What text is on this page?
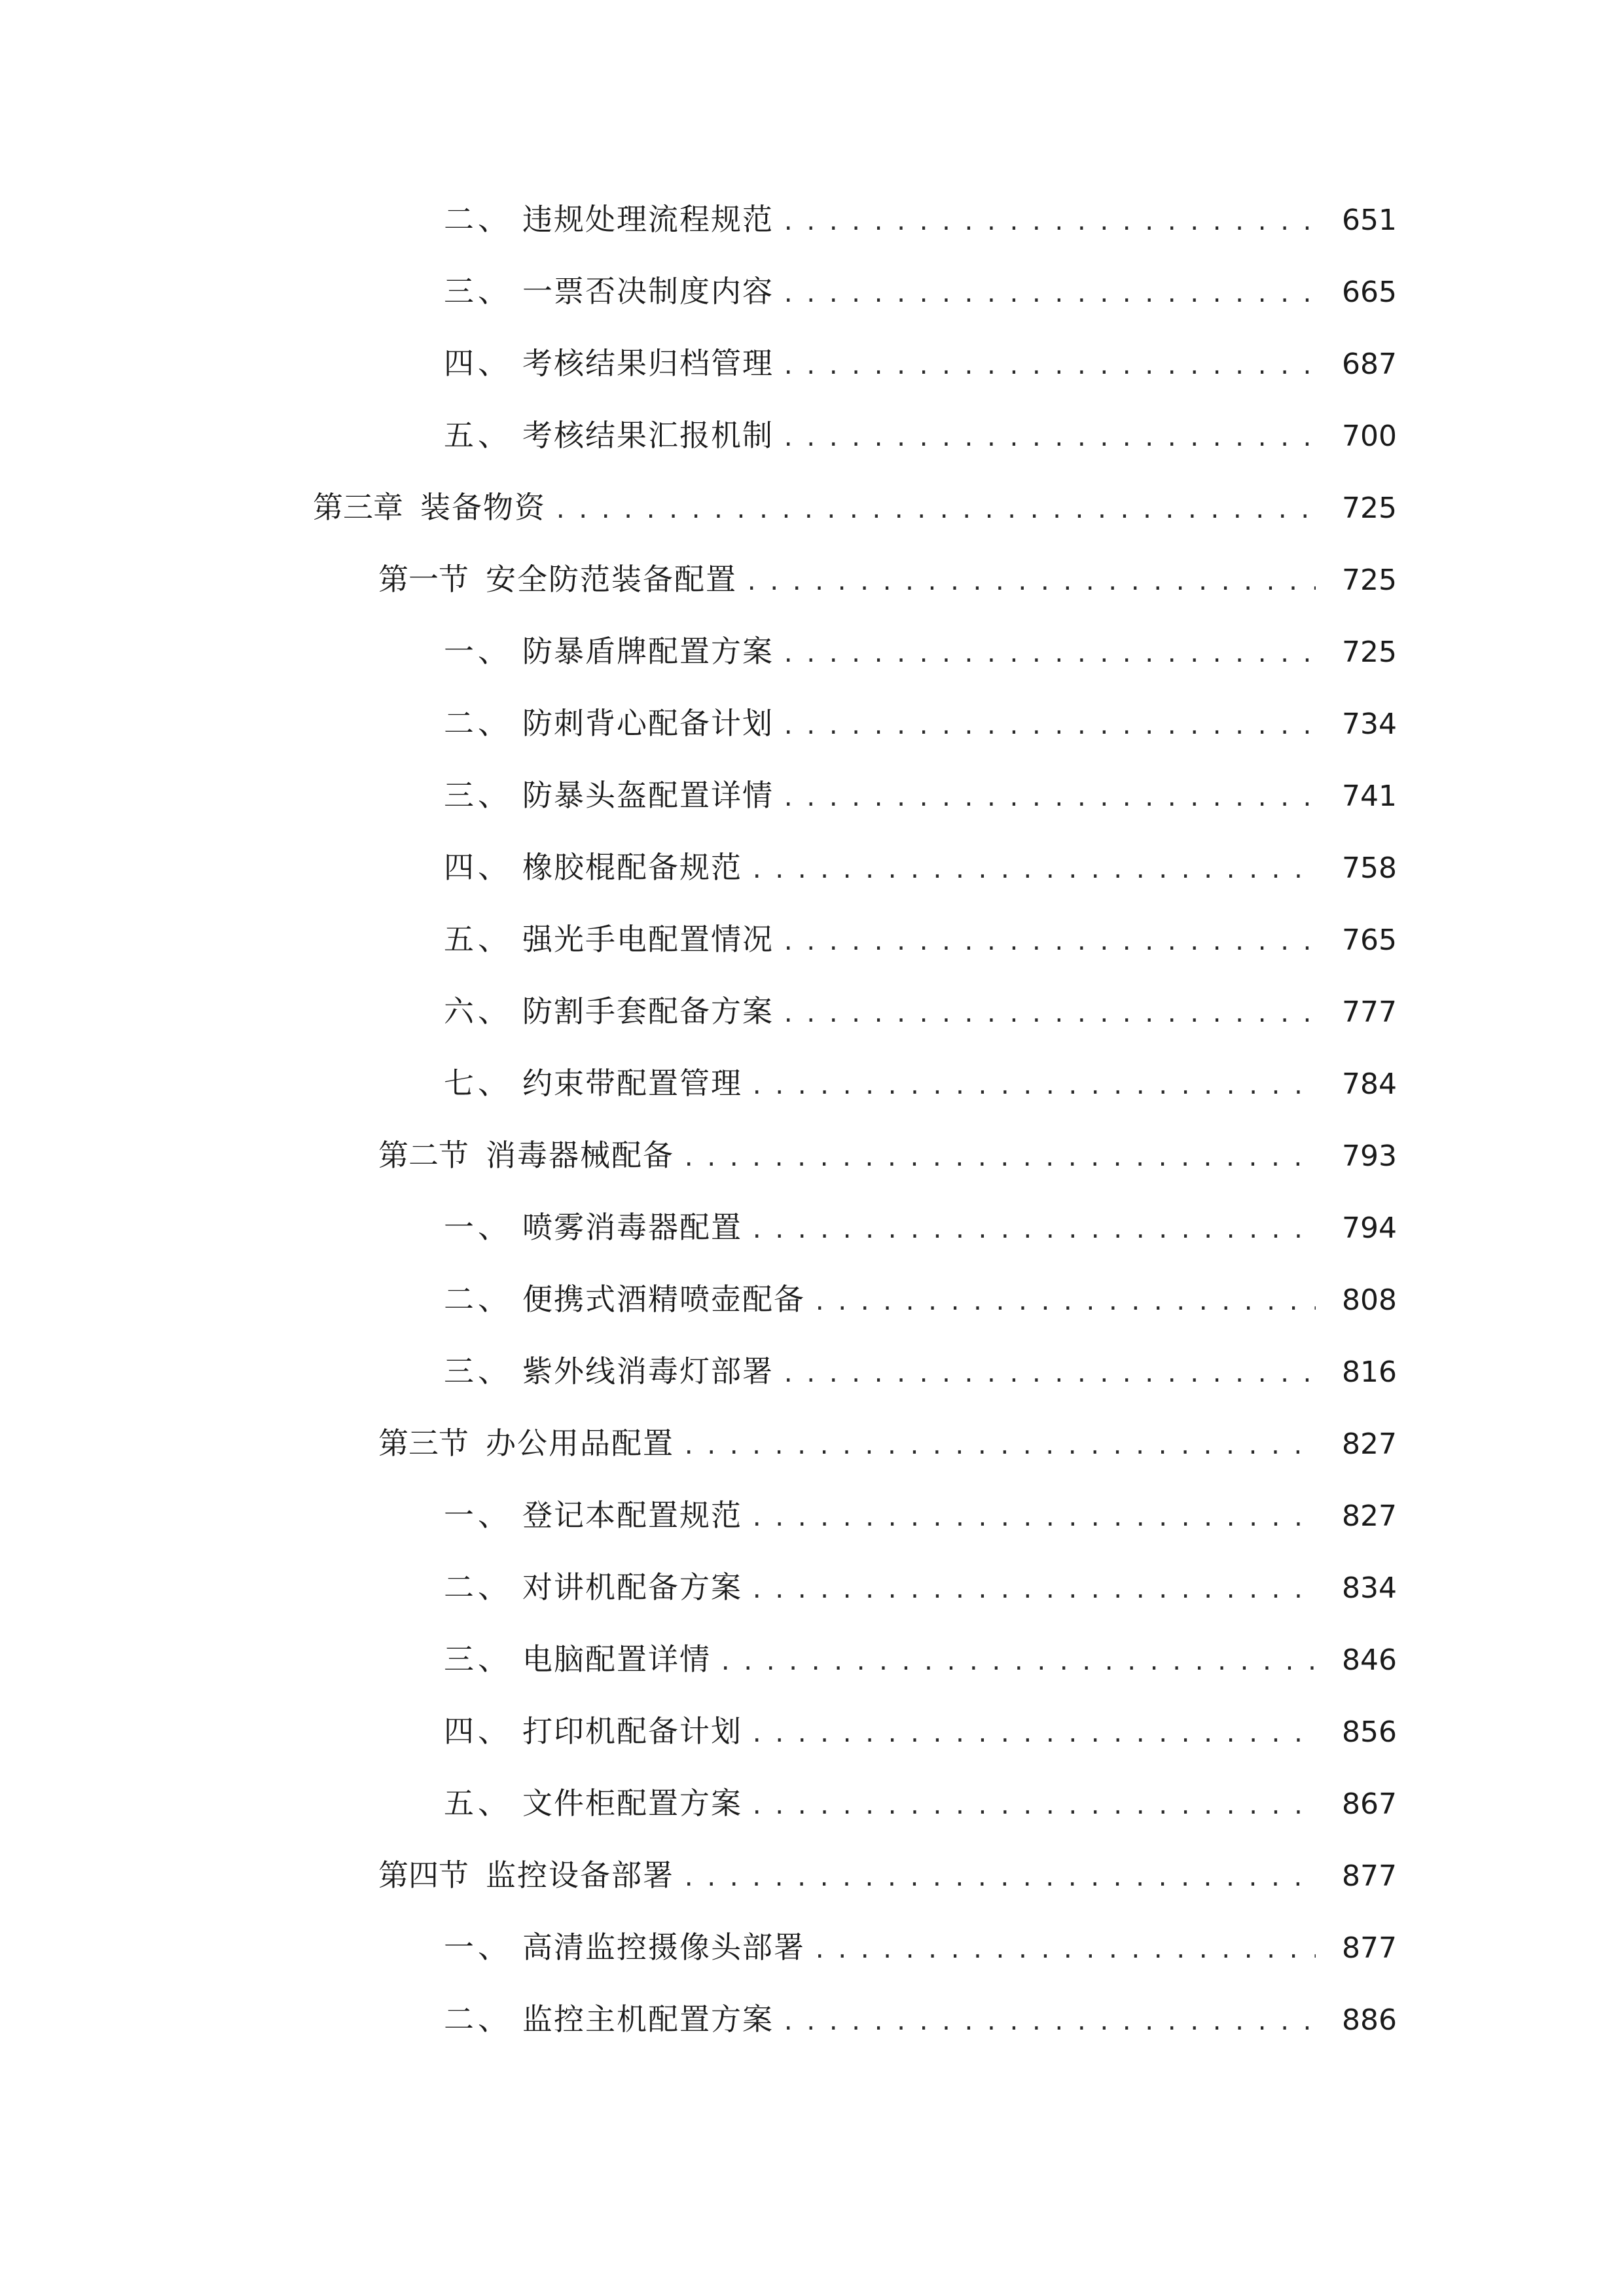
二、 违规处理流程规范 .....	651
三、 一票否决制度内容 .....	665
四、 考核结果归档管理 .....	687
五、 考核结果汇报机制 .....	700
第三章 装备物资 .....	725
第一节 安全防范装备配置 .....	725
一、 防暴盾牌配置方案 .....	725
二、 防刺背心配备计划 .....	734
三、 防暴头盔配置详情 .....	741
四、 橡胶棍配备规范 .....	758
五、 强光手电配置情况 .....	765
六、 防割手套配备方案 .....	777
七、 约束带配置管理 .....	784
第二节 消毒器械配备 .....	793
一、 喷雾消毒器配置 .....	794
二、 便携式酒精喷壶配备 .....	808
三、 紫外线消毒灯部署 .....	816
第三节 办公用品配置 .....	827
一、 登记本配置规范 .....	827
二、 对讲机配备方案 .....	834
三、 电脑配置详情 .....	846
四、 打印机配备计划 .....	856
五、 文件柜配置方案 .....	867
第四节 监控设备部署 .....	877
一、 高清监控摄像头部署 .....	877
二、 监控主机配置方案 .....	886
